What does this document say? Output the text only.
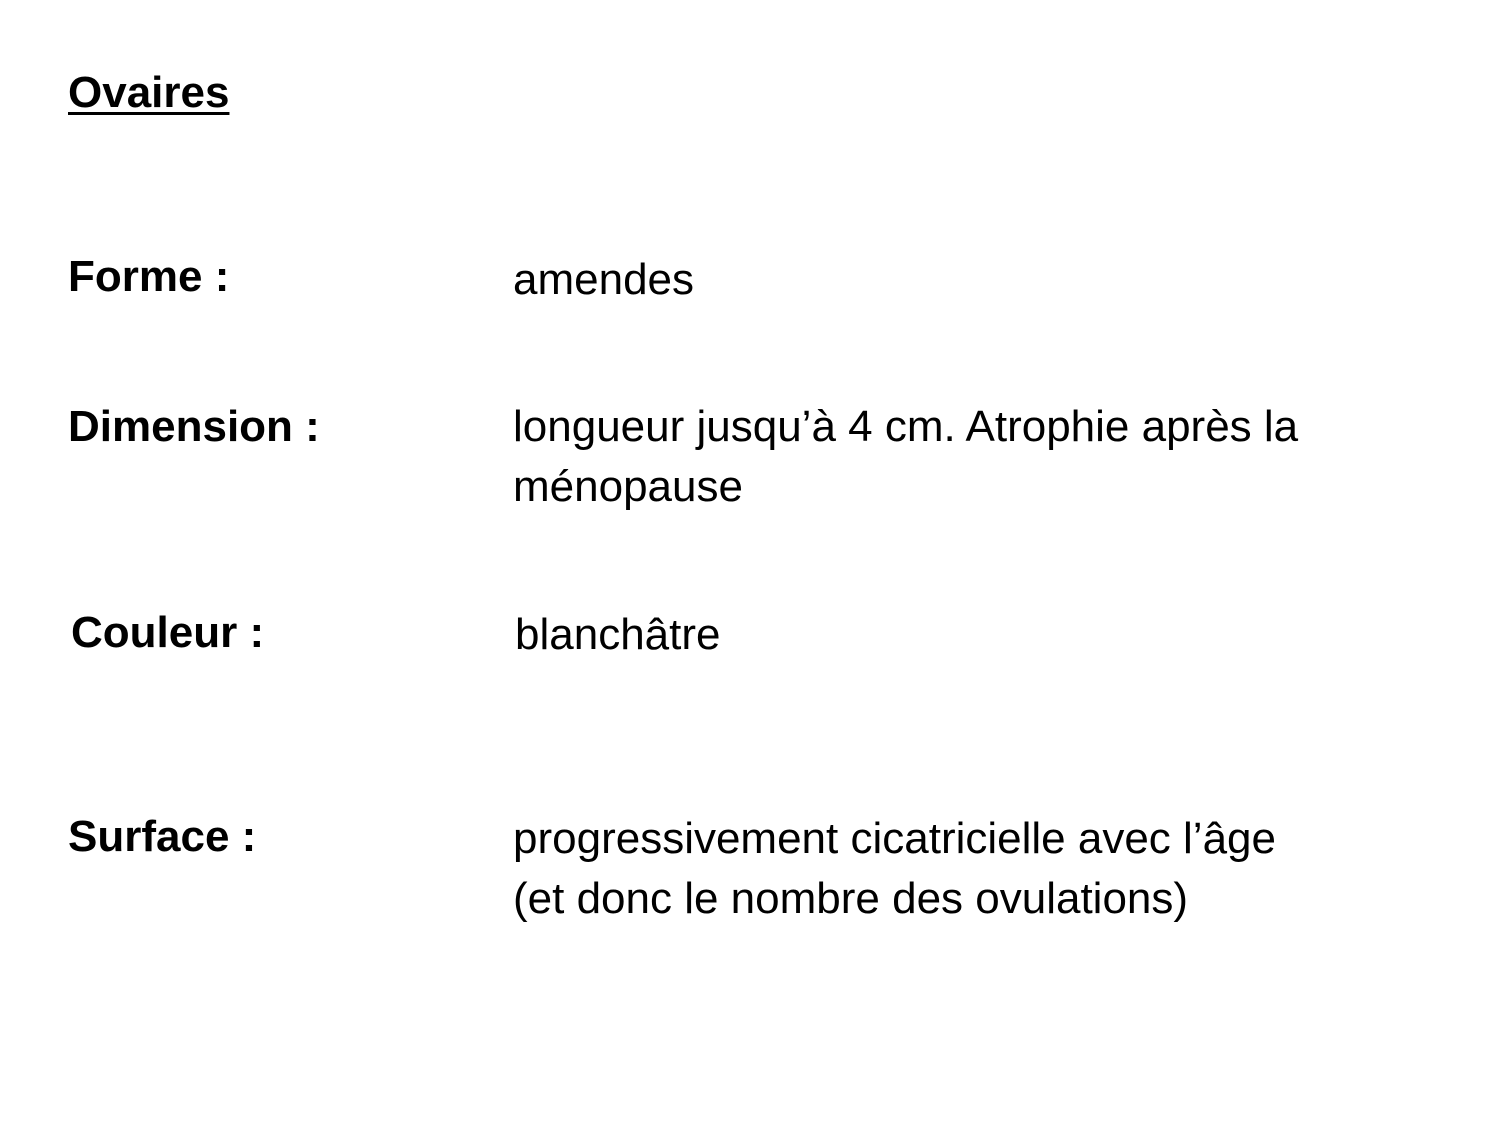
Ovaires
Forme :	amendes
Dimension :	longueur jusqu’à 4 cm. Atrophie après la
ménopause
Couleur :	blanchâtre
Surface :	progressivement cicatricielle avec l’âge
(et donc le nombre des ovulations)
